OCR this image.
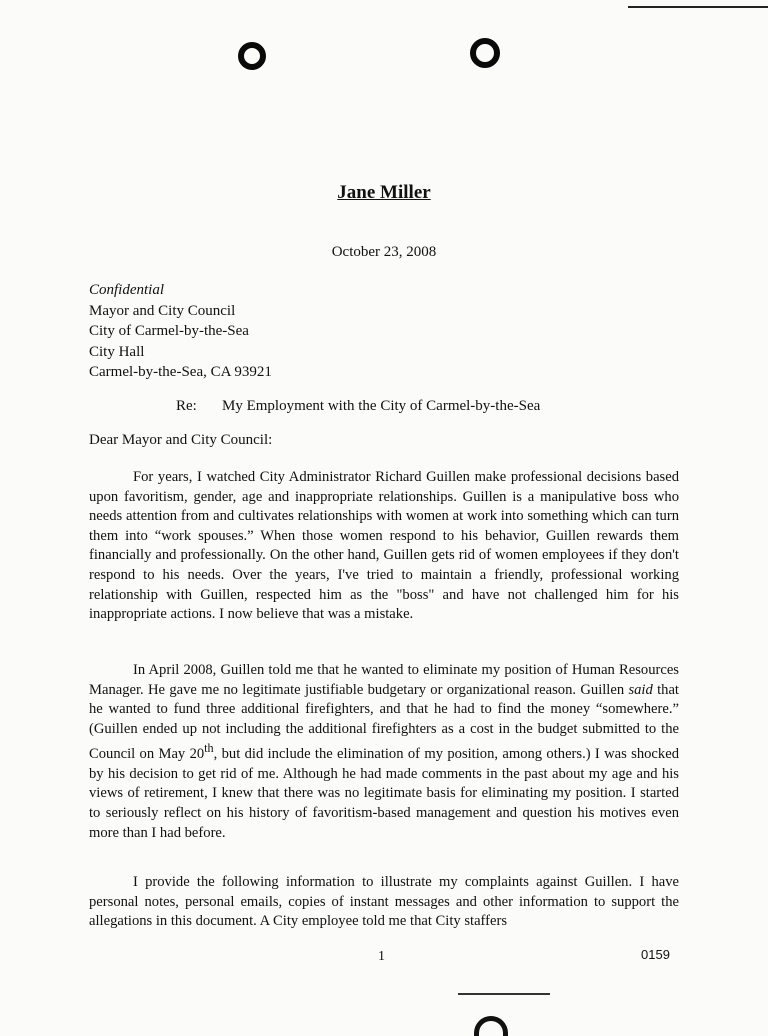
Jane Miller
October 23, 2008
Confidential
Mayor and City Council
City of Carmel-by-the-Sea
City Hall
Carmel-by-the-Sea, CA 93921
Re: My Employment with the City of Carmel-by-the-Sea
Dear Mayor and City Council:

For years, I watched City Administrator Richard Guillen make professional decisions based upon favoritism, gender, age and inappropriate relationships. Guillen is a manipulative boss who needs attention from and cultivates relationships with women at work into something which can turn them into “work spouses.” When those women respond to his behavior, Guillen rewards them financially and professionally. On the other hand, Guillen gets rid of women employees if they don't respond to his needs. Over the years, I've tried to maintain a friendly, professional working relationship with Guillen, respected him as the "boss" and have not challenged him for his inappropriate actions. I now believe that was a mistake.

In April 2008, Guillen told me that he wanted to eliminate my position of Human Resources Manager. He gave me no legitimate justifiable budgetary or organizational reason. Guillen said that he wanted to fund three additional firefighters, and that he had to find the money “somewhere.” (Guillen ended up not including the additional firefighters as a cost in the budget submitted to the Council on May 20th, but did include the elimination of my position, among others.) I was shocked by his decision to get rid of me. Although he had made comments in the past about my age and his views of retirement, I knew that there was no legitimate basis for eliminating my position. I started to seriously reflect on his history of favoritism-based management and question his motives even more than I had before.

I provide the following information to illustrate my complaints against Guillen. I have personal notes, personal emails, copies of instant messages and other information to support the allegations in this document. A City employee told me that City staffers

1	0159
